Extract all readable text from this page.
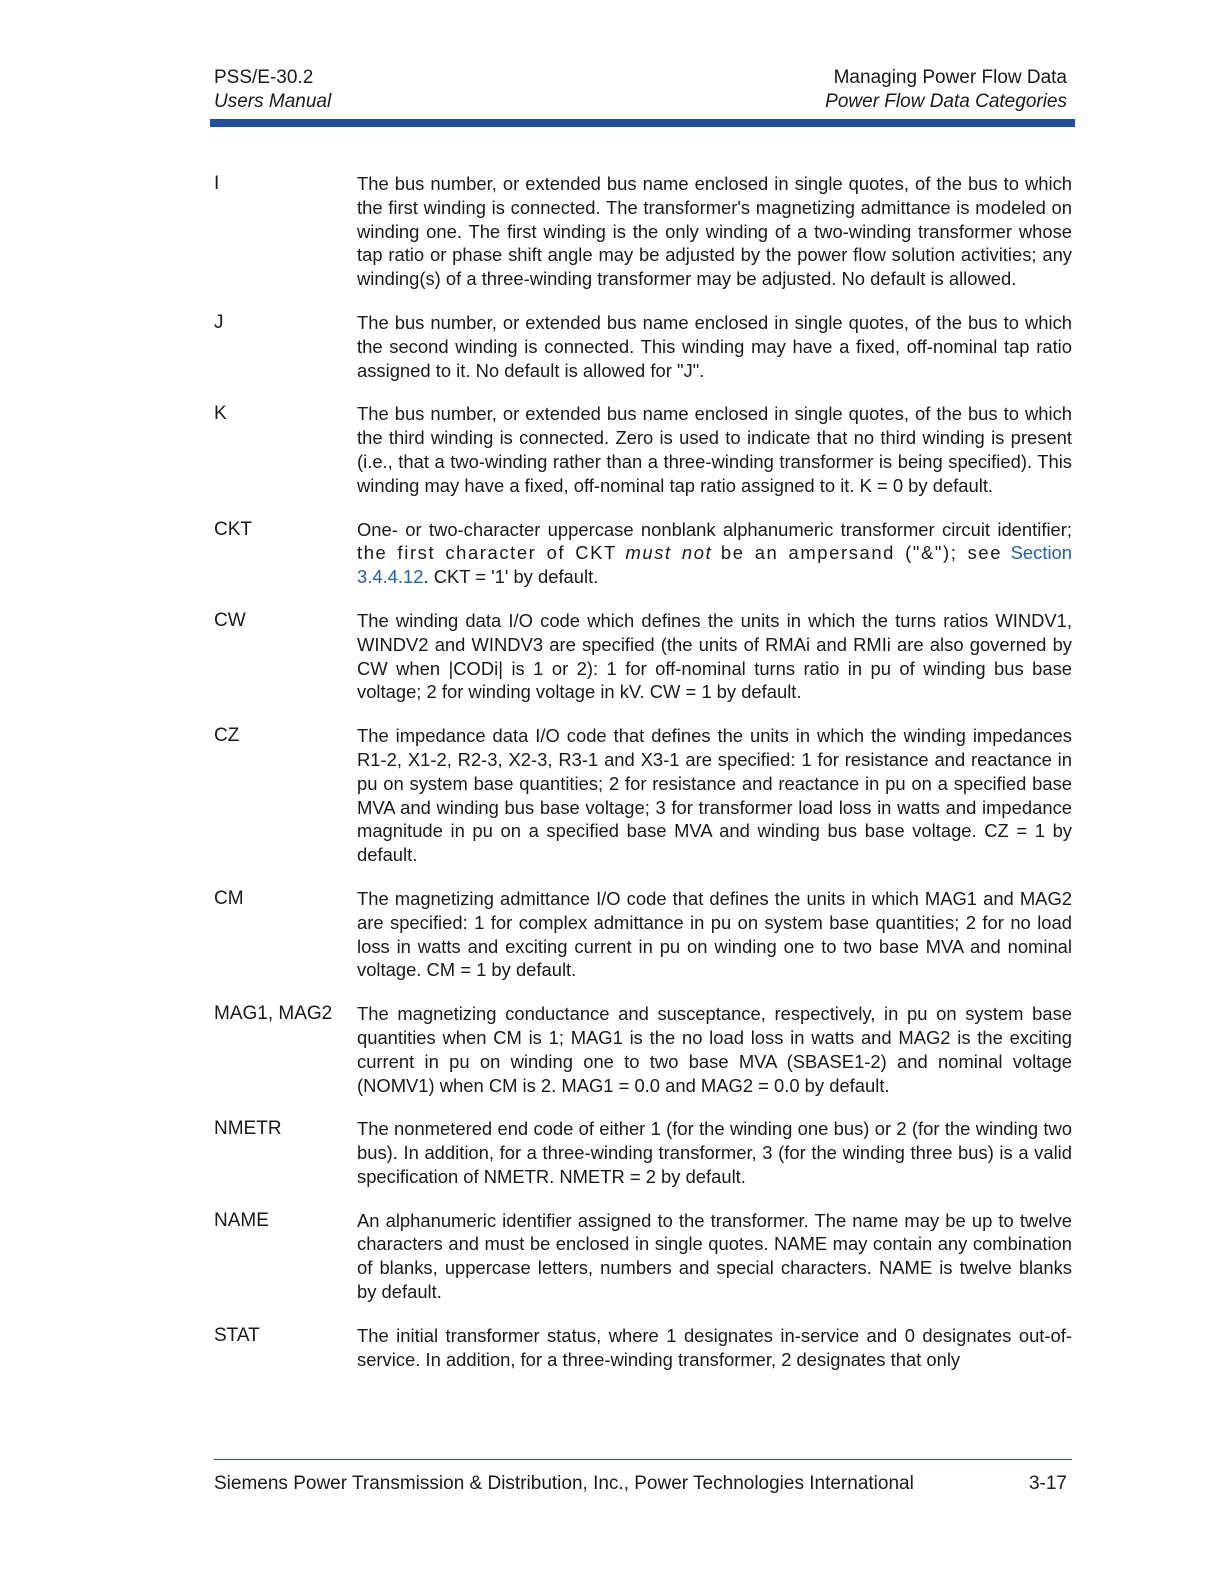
PSS/E-30.2
Users Manual
Managing Power Flow Data
Power Flow Data Categories
I	The bus number, or extended bus name enclosed in single quotes, of the bus to which the first winding is connected. The transformer's magnetizing admittance is modeled on winding one. The first winding is the only winding of a two-winding transformer whose tap ratio or phase shift angle may be adjusted by the power flow solution activities; any winding(s) of a three-winding transformer may be adjusted. No default is allowed.
J	The bus number, or extended bus name enclosed in single quotes, of the bus to which the second winding is connected. This winding may have a fixed, off-nominal tap ratio assigned to it. No default is allowed for "J".
K	The bus number, or extended bus name enclosed in single quotes, of the bus to which the third winding is connected. Zero is used to indicate that no third winding is present (i.e., that a two-winding rather than a three-winding transformer is being specified). This winding may have a fixed, off-nominal tap ratio assigned to it. K = 0 by default.
CKT	One- or two-character uppercase nonblank alphanumeric transformer circuit identifier; the first character of CKT must not be an ampersand ("&"); see Section 3.4.4.12. CKT = '1' by default.
CW	The winding data I/O code which defines the units in which the turns ratios WINDV1, WINDV2 and WINDV3 are specified (the units of RMAi and RMIi are also governed by CW when |CODi| is 1 or 2): 1 for off-nominal turns ratio in pu of winding bus base voltage; 2 for winding voltage in kV. CW = 1 by default.
CZ	The impedance data I/O code that defines the units in which the winding impedances R1-2, X1-2, R2-3, X2-3, R3-1 and X3-1 are specified: 1 for resistance and reactance in pu on system base quantities; 2 for resistance and reactance in pu on a specified base MVA and winding bus base voltage; 3 for transformer load loss in watts and impedance magnitude in pu on a specified base MVA and winding bus base voltage. CZ = 1 by default.
CM	The magnetizing admittance I/O code that defines the units in which MAG1 and MAG2 are specified: 1 for complex admittance in pu on system base quantities; 2 for no load loss in watts and exciting current in pu on winding one to two base MVA and nominal voltage. CM = 1 by default.
MAG1, MAG2	The magnetizing conductance and susceptance, respectively, in pu on system base quantities when CM is 1; MAG1 is the no load loss in watts and MAG2 is the exciting current in pu on winding one to two base MVA (SBASE1-2) and nominal voltage (NOMV1) when CM is 2. MAG1 = 0.0 and MAG2 = 0.0 by default.
NMETR	The nonmetered end code of either 1 (for the winding one bus) or 2 (for the winding two bus). In addition, for a three-winding transformer, 3 (for the winding three bus) is a valid specification of NMETR. NMETR = 2 by default.
NAME	An alphanumeric identifier assigned to the transformer. The name may be up to twelve characters and must be enclosed in single quotes. NAME may contain any combination of blanks, uppercase letters, numbers and special characters. NAME is twelve blanks by default.
STAT	The initial transformer status, where 1 designates in-service and 0 designates out-of-service. In addition, for a three-winding transformer, 2 designates that only
Siemens Power Transmission & Distribution, Inc., Power Technologies International	3-17
